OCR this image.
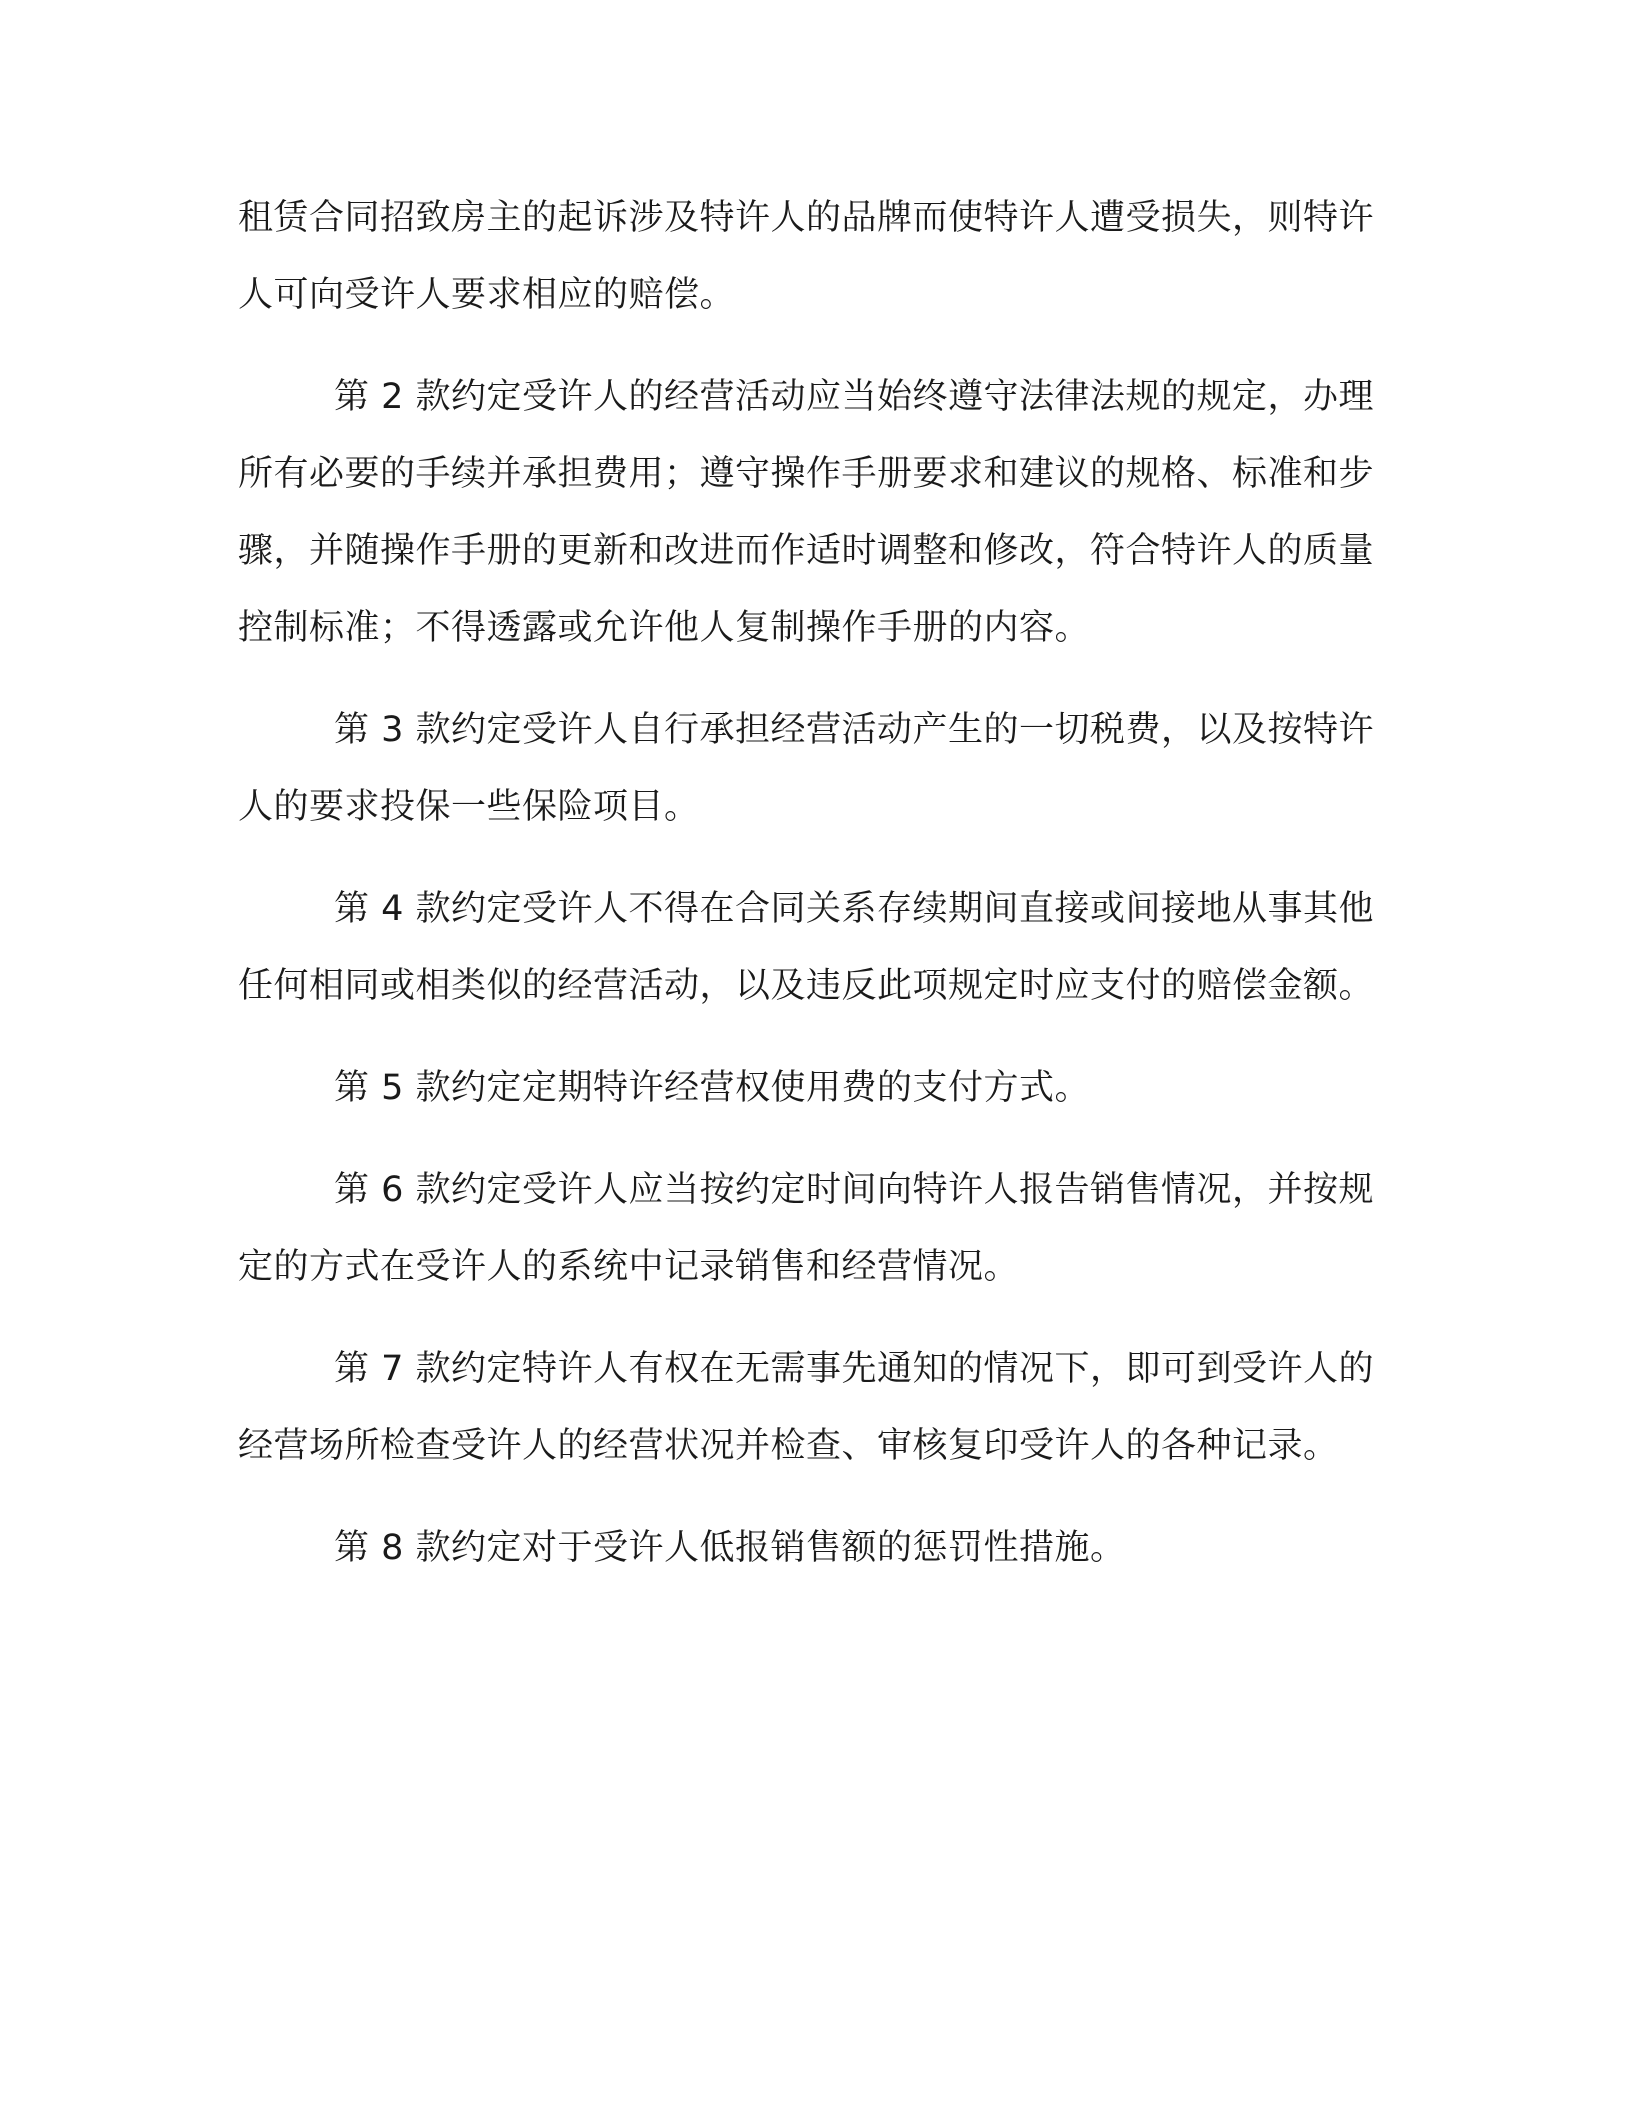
租赁合同招致房主的起诉涉及特许人的品牌而使特许人遭受损失，则特许人可向受许人要求相应的赔偿。

第 2 款约定受许人的经营活动应当始终遵守法律法规的规定，办理所有必要的手续并承担费用；遵守操作手册要求和建议的规格、标准和步骤，并随操作手册的更新和改进而作适时调整和修改，符合特许人的质量控制标准；不得透露或允许他人复制操作手册的内容。

第 3 款约定受许人自行承担经营活动产生的一切税费，以及按特许人的要求投保一些保险项目。

第 4 款约定受许人不得在合同关系存续期间直接或间接地从事其他任何相同或相类似的经营活动，以及违反此项规定时应支付的赔偿金额。

第 5 款约定定期特许经营权使用费的支付方式。

第 6 款约定受许人应当按约定时间向特许人报告销售情况，并按规定的方式在受许人的系统中记录销售和经营情况。

第 7 款约定特许人有权在无需事先通知的情况下，即可到受许人的经营场所检查受许人的经营状况并检查、审核复印受许人的各种记录。

第 8 款约定对于受许人低报销售额的惩罚性措施。
